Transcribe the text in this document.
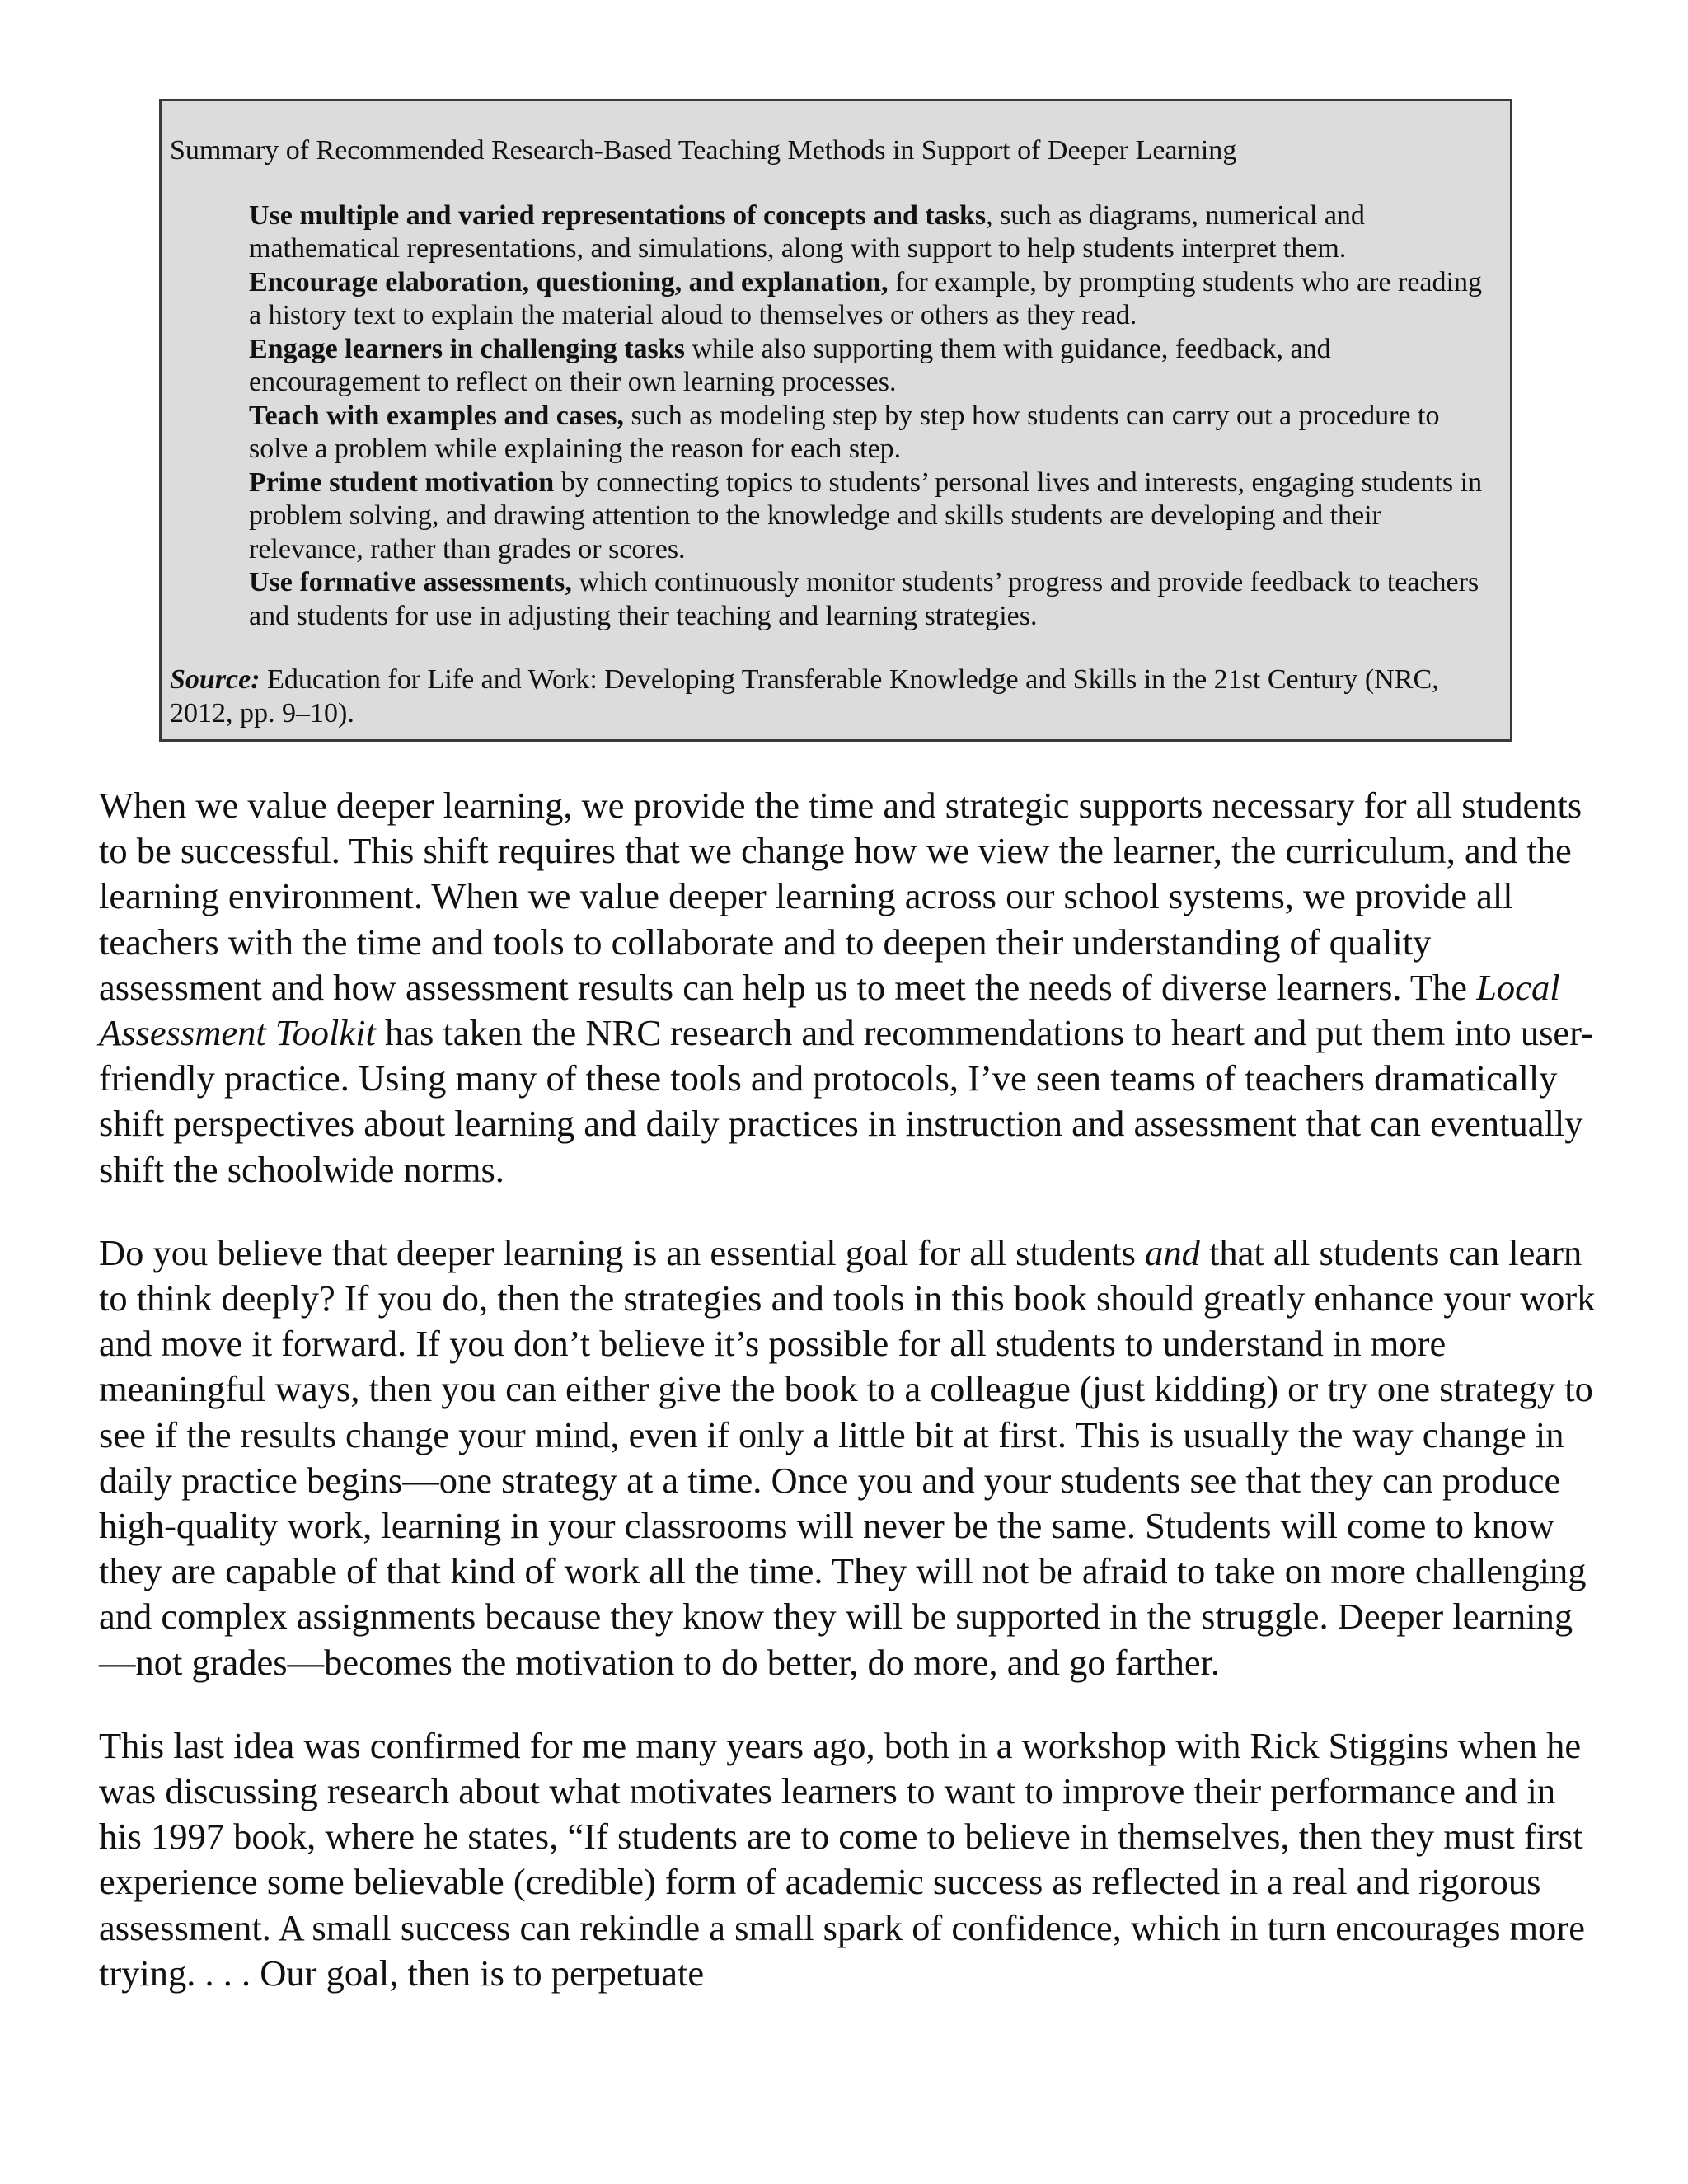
Summary of Recommended Research-Based Teaching Methods in Support of Deeper Learning
Use multiple and varied representations of concepts and tasks, such as diagrams, numerical and mathematical representations, and simulations, along with support to help students interpret them.
Encourage elaboration, questioning, and explanation, for example, by prompting students who are reading a history text to explain the material aloud to themselves or others as they read.
Engage learners in challenging tasks while also supporting them with guidance, feedback, and encouragement to reflect on their own learning processes.
Teach with examples and cases, such as modeling step by step how students can carry out a procedure to solve a problem while explaining the reason for each step.
Prime student motivation by connecting topics to students’ personal lives and interests, engaging students in problem solving, and drawing attention to the knowledge and skills students are developing and their relevance, rather than grades or scores.
Use formative assessments, which continuously monitor students’ progress and provide feedback to teachers and students for use in adjusting their teaching and learning strategies.
Source: Education for Life and Work: Developing Transferable Knowledge and Skills in the 21st Century (NRC, 2012, pp. 9–10).

When we value deeper learning, we provide the time and strategic supports necessary for all students to be successful. This shift requires that we change how we view the learner, the curriculum, and the learning environment. When we value deeper learning across our school systems, we provide all teachers with the time and tools to collaborate and to deepen their understanding of quality assessment and how assessment results can help us to meet the needs of diverse learners. The Local Assessment Toolkit has taken the NRC research and recommendations to heart and put them into user-friendly practice. Using many of these tools and protocols, I’ve seen teams of teachers dramatically shift perspectives about learning and daily practices in instruction and assessment that can eventually shift the schoolwide norms.

Do you believe that deeper learning is an essential goal for all students and that all students can learn to think deeply? If you do, then the strategies and tools in this book should greatly enhance your work and move it forward. If you don’t believe it’s possible for all students to understand in more meaningful ways, then you can either give the book to a colleague (just kidding) or try one strategy to see if the results change your mind, even if only a little bit at first. This is usually the way change in daily practice begins—one strategy at a time. Once you and your students see that they can produce high-quality work, learning in your classrooms will never be the same. Students will come to know they are capable of that kind of work all the time. They will not be afraid to take on more challenging and complex assignments because they know they will be supported in the struggle. Deeper learning—not grades—becomes the motivation to do better, do more, and go farther.

This last idea was confirmed for me many years ago, both in a workshop with Rick Stiggins when he was discussing research about what motivates learners to want to improve their performance and in his 1997 book, where he states, “If students are to come to believe in themselves, then they must first experience some believable (credible) form of academic success as reflected in a real and rigorous assessment. A small success can rekindle a small spark of confidence, which in turn encourages more trying. . . . Our goal, then is to perpetuate
